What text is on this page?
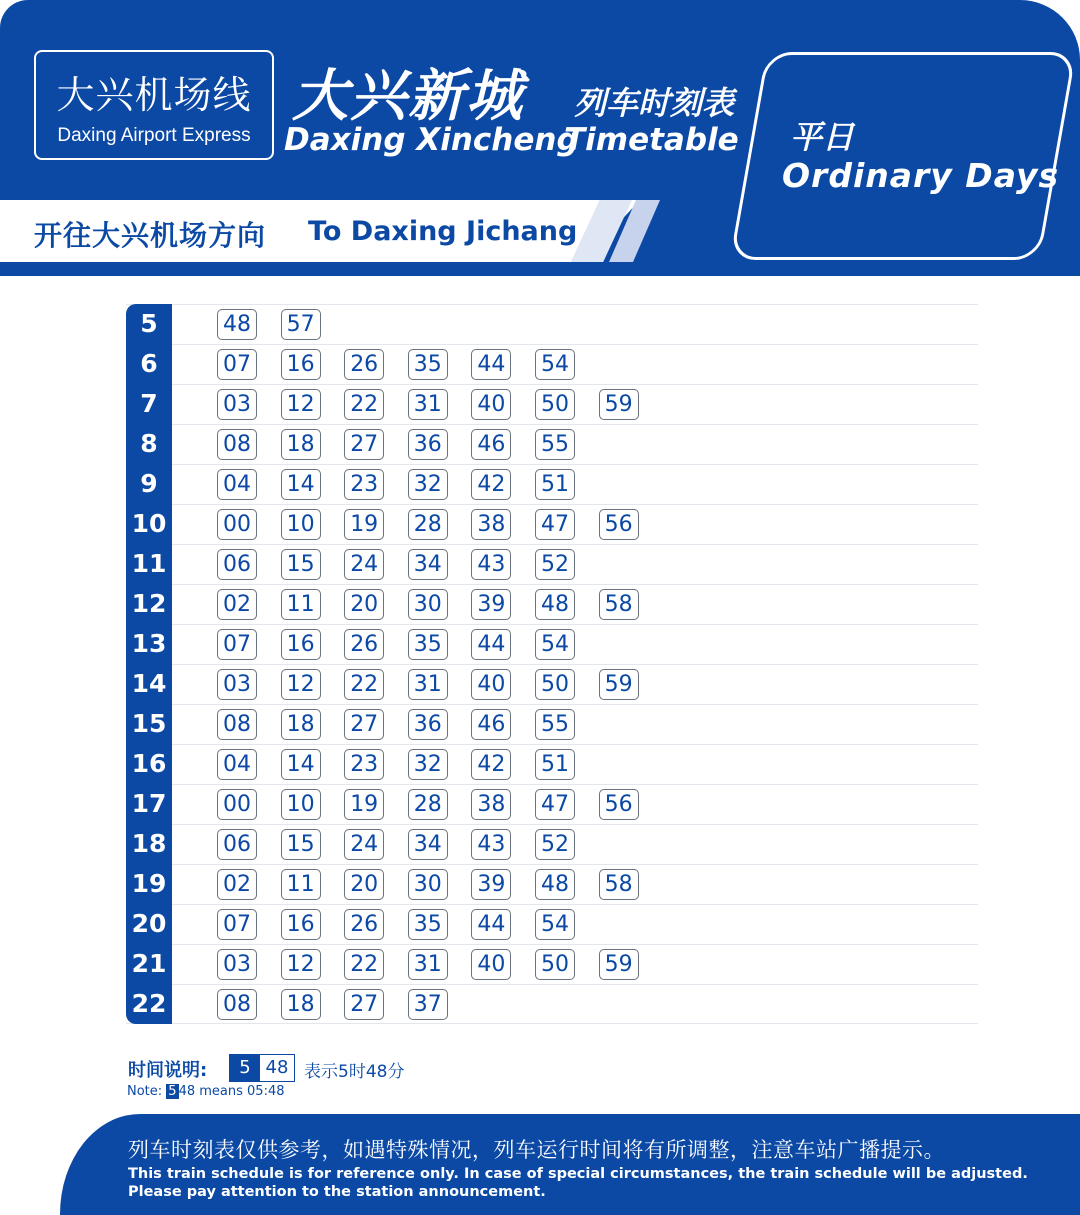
大兴机场线
Daxing Airport Express
大兴新城 列车时刻表
Daxing Xincheng
Timetable 平日
Ordinary Days
开往大兴机场方向 To Daxing Jichang
5	48 57
6	07 16 26 35 44 54
7	03 12 22 31 40 50 59
8	08 18 27 36 46 55
9	04 14 23 32 42 51
10	00 10 19 28 38 47 56
11	06 15 24 34 43 52
12	02 11 20 30 39 48 58
13	07 16 26 35 44 54
14	03 12 22 31 40 50 59
15	08 18 27 36 46 55
16	04 14 23 32 42 51
17	00 10 19 28 38 47 56
18	06 15 24 34 43 52
19	02 11 20 30 39 48 58
20	07 16 26 35 44 54
21	03 12 22 31 40 50 59
22	08 18 27 37
时间说明:	5 48 表示5时48分
Note: 5 48 means 05:48
列车时刻表仅供参考，如遇特殊情况，列车运行时间将有所调整，注意车站广播提示。
This train schedule is for reference only. In case of special circumstances, the train schedule will be adjusted.
Please pay attention to the station announcement.
